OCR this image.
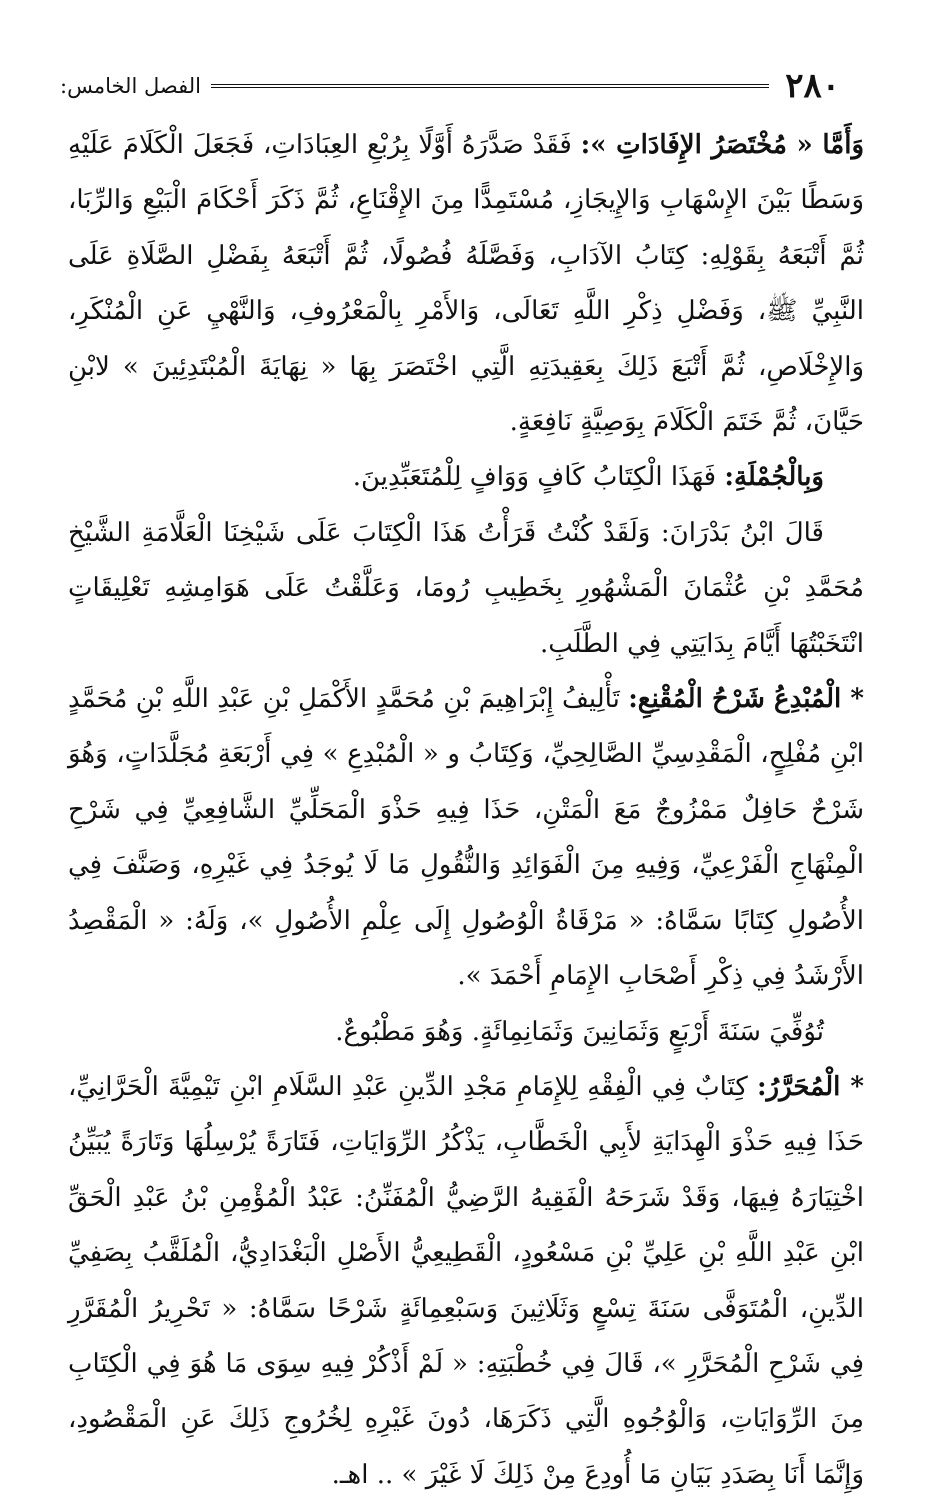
٢٨٠
الفصل الخامس:

وَأَمَّا « مُخْتَصَرُ الإِفَادَاتِ »: فَقَدْ صَدَّرَهُ أَوَّلًا بِرُبْعِ العِبَادَاتِ، فَجَعَلَ الْكَلَامَ عَلَيْهِ وَسَطًا بَيْنَ الإِسْهَابِ وَالإِيجَازِ، مُسْتَمِدًّا مِنَ الإِقْنَاعِ، ثُمَّ ذَكَرَ أَحْكَامَ الْبَيْعِ وَالرِّبَا، ثُمَّ أَتْبَعَهُ بِقَوْلِهِ: كِتَابُ الآدَابِ، وَفَصَّلَهُ فُصُولًا، ثُمَّ أَتْبَعَهُ بِفَضْلِ الصَّلَاةِ عَلَى النَّبِيِّ ﷺ، وَفَضْلِ ذِكْرِ اللَّهِ تَعَالَى، وَالأَمْرِ بِالْمَعْرُوفِ، وَالنَّهْيِ عَنِ الْمُنْكَرِ، وَالإِخْلَاصِ، ثُمَّ أَتْبَعَ ذَلِكَ بِعَقِيدَتِهِ الَّتِي اخْتَصَرَ بِهَا « نِهَايَةَ الْمُبْتَدِئِينَ » لابْنِ حَيَّانَ، ثُمَّ خَتَمَ الْكَلَامَ بِوَصِيَّةٍ نَافِعَةٍ.

وَبِالْجُمْلَةِ: فَهَذَا الْكِتَابُ كَافٍ وَوَافٍ لِلْمُتَعَبِّدِينَ.

قَالَ ابْنُ بَدْرَانَ: وَلَقَدْ كُنْتُ قَرَأْتُ هَذَا الْكِتَابَ عَلَى شَيْخِنَا الْعَلَّامَةِ الشَّيْخِ مُحَمَّدِ بْنِ عُثْمَانَ الْمَشْهُورِ بِخَطِيبِ رُومَا، وَعَلَّقْتُ عَلَى هَوَامِشِهِ تَعْلِيقَاتٍ انْتَخَبْتُهَا أَيَّامَ بِدَايَتِي فِي الطَّلَبِ.

* الْمُبْدِعُ شَرْحُ الْمُقْنِعِ: تَأْلِيفُ إِبْرَاهِيمَ بْنِ مُحَمَّدٍ الأَكْمَلِ بْنِ عَبْدِ اللَّهِ بْنِ مُحَمَّدٍ ابْنِ مُفْلِحٍ، الْمَقْدِسِيِّ الصَّالِحِيِّ، وَكِتَابُ و « الْمُبْدِعِ » فِي أَرْبَعَةِ مُجَلَّدَاتٍ، وَهُوَ شَرْحٌ حَافِلٌ مَمْزُوجٌ مَعَ الْمَتْنِ، حَذَا فِيهِ حَذْوَ الْمَحَلِّيِّ الشَّافِعِيِّ فِي شَرْحِ الْمِنْهَاجِ الْفَرْعِيِّ، وَفِيهِ مِنَ الْفَوَائِدِ وَالنُّقُولِ مَا لَا يُوجَدُ فِي غَيْرِهِ، وَصَنَّفَ فِي الأُصُولِ كِتَابًا سَمَّاهُ: « مَرْقَاةُ الْوُصُولِ إِلَى عِلْمِ الأُصُولِ »، وَلَهُ: « الْمَقْصِدُ الأَرْشَدُ فِي ذِكْرِ أَصْحَابِ الإِمَامِ أَحْمَدَ ».

تُوُفِّيَ سَنَةَ أَرْبَعٍ وَثَمَانِينَ وَثَمَانِمِائَةٍ. وَهُوَ مَطْبُوعٌ.

* الْمُحَرَّرُ: كِتَابٌ فِي الْفِقْهِ لِلإِمَامِ مَجْدِ الدِّينِ عَبْدِ السَّلَامِ ابْنِ تَيْمِيَّةَ الْحَرَّانِيِّ، حَذَا فِيهِ حَذْوَ الْهِدَايَةِ لأَبِي الْخَطَّابِ، يَذْكُرُ الرِّوَايَاتِ، فَتَارَةً يُرْسِلُهَا وَتَارَةً يُبَيِّنُ اخْتِيَارَهُ فِيهَا، وَقَدْ شَرَحَهُ الْفَقِيهُ الرَّضِيُّ الْمُفَنِّنُ: عَبْدُ الْمُؤْمِنِ بْنُ عَبْدِ الْحَقِّ ابْنِ عَبْدِ اللَّهِ بْنِ عَلِيِّ بْنِ مَسْعُودٍ، الْقَطِيعِيُّ الأَصْلِ الْبَغْدَادِيُّ، الْمُلَقَّبُ بِصَفِيِّ الدِّينِ، الْمُتَوَفَّى سَنَةَ تِسْعٍ وَثَلَاثِينَ وَسَبْعِمِائَةٍ شَرْحًا سَمَّاهُ: « تَحْرِيرُ الْمُقَرَّرِ فِي شَرْحِ الْمُحَرَّرِ »، قَالَ فِي خُطْبَتِهِ: « لَمْ أَذْكُرْ فِيهِ سِوَى مَا هُوَ فِي الْكِتَابِ مِنَ الرِّوَايَاتِ، وَالْوُجُوهِ الَّتِي ذَكَرَهَا، دُونَ غَيْرِهِ لِخُرُوجِ ذَلِكَ عَنِ الْمَقْصُودِ، وَإِنَّمَا أَنَا بِصَدَدِ بَيَانِ مَا أُودِعَ مِنْ ذَلِكَ لَا غَيْرَ » .. اهـ.
